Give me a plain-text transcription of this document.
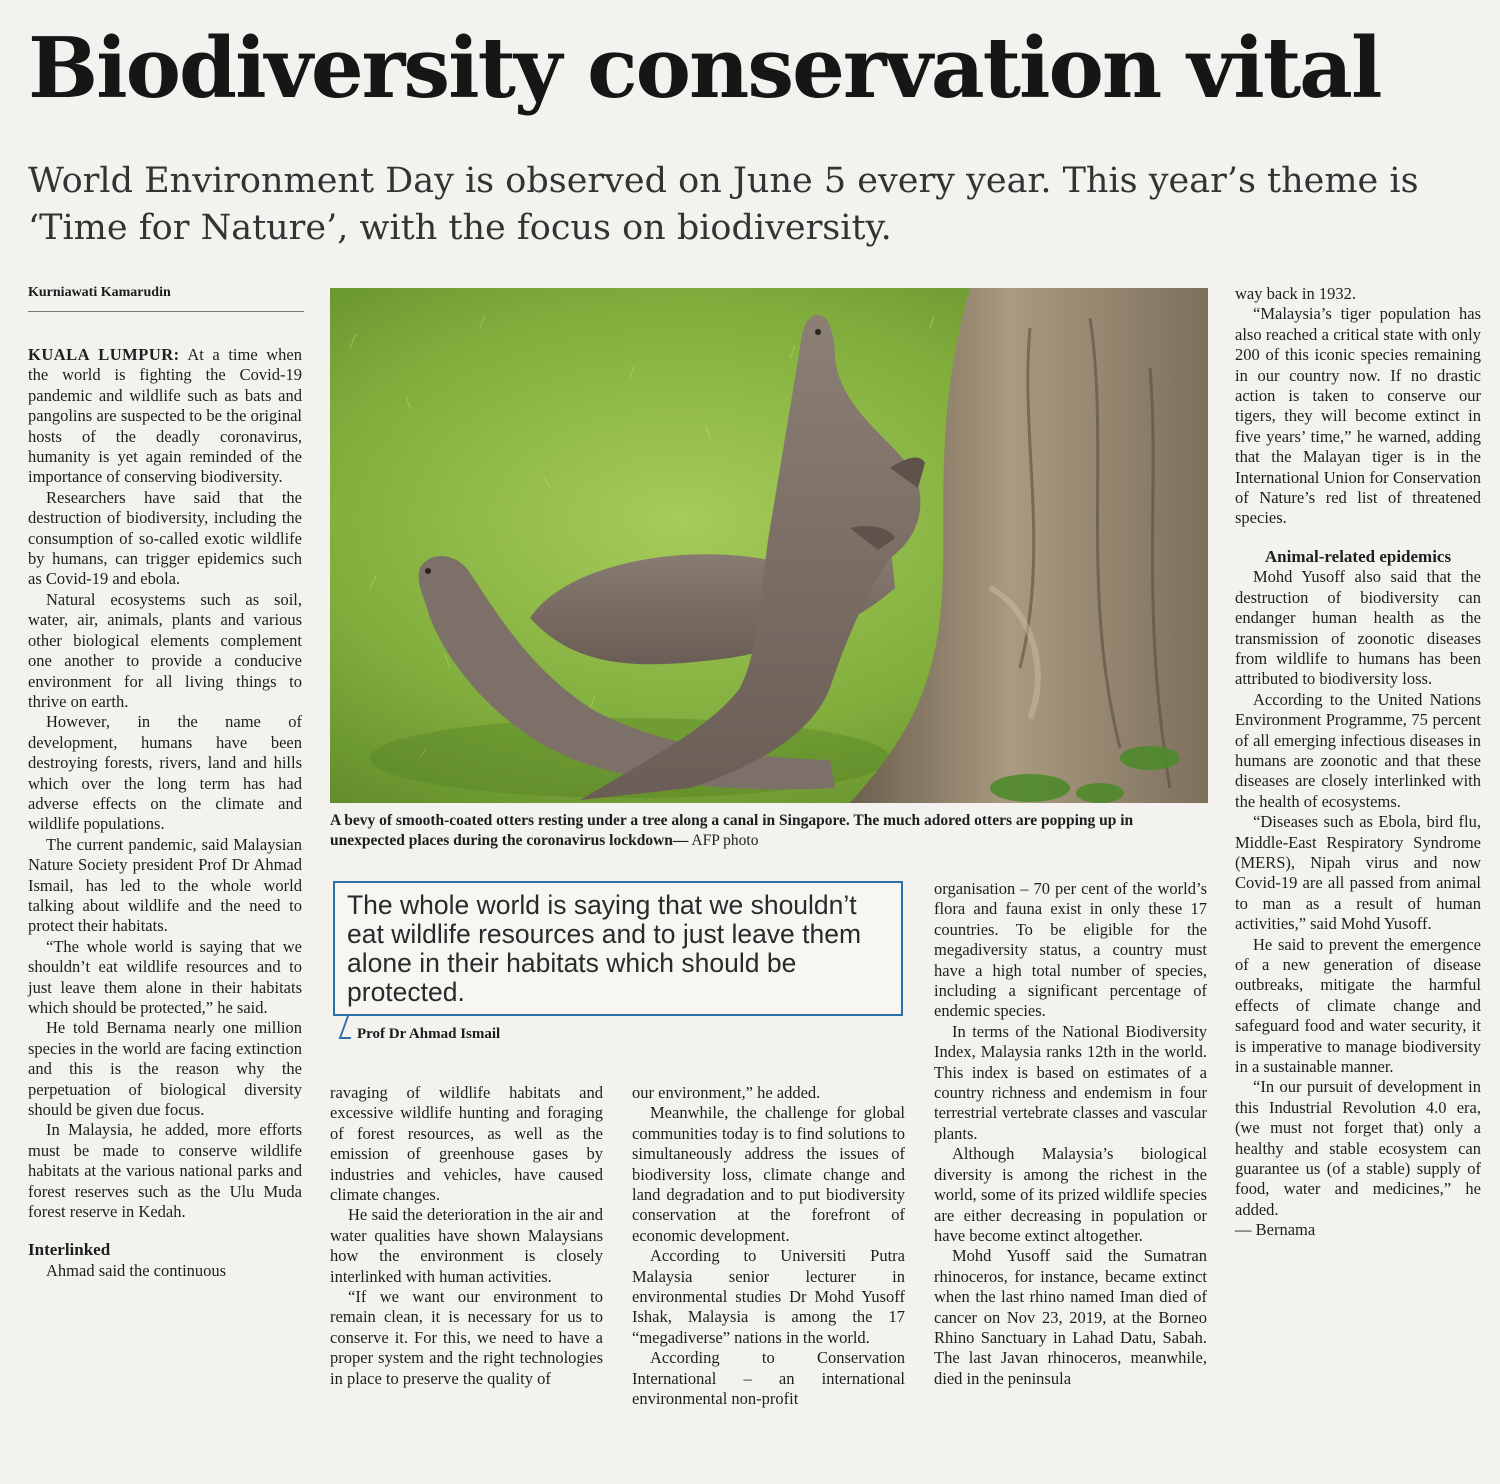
Biodiversity conservation vital

World Environment Day is observed on June 5 every year. This year’s theme is ‘Time for Nature’, with the focus on biodiversity.

Kurniawati Kamarudin

KUALA LUMPUR: At a time when the world is fighting the Covid-19 pandemic and wildlife such as bats and pangolins are suspected to be the original hosts of the deadly coronavirus, humanity is yet again reminded of the importance of conserving biodiversity.

Researchers have said that the destruction of biodiversity, including the consumption of so-called exotic wildlife by humans, can trigger epidemics such as Covid-19 and ebola.

Natural ecosystems such as soil, water, air, animals, plants and various other biological elements complement one another to provide a conducive environment for all living things to thrive on earth.

However, in the name of development, humans have been destroying forests, rivers, land and hills which over the long term has had adverse effects on the climate and wildlife populations.

The current pandemic, said Malaysian Nature Society president Prof Dr Ahmad Ismail, has led to the whole world talking about wildlife and the need to protect their habitats.

“The whole world is saying that we shouldn’t eat wildlife resources and to just leave them alone in their habitats which should be protected,” he said.

He told Bernama nearly one million species in the world are facing extinction and this is the reason why the perpetuation of biological diversity should be given due focus.

In Malaysia, he added, more efforts must be made to conserve wildlife habitats at the various national parks and forest reserves such as the Ulu Muda forest reserve in Kedah.

Interlinked

Ahmad said the continuous

A bevy of smooth-coated otters resting under a tree along a canal in Singapore. The much adored otters are popping up in unexpected places during the coronavirus lockdown— AFP photo
The whole world is saying that we shouldn’t eat wildlife resources and to just leave them alone in their habitats which should be protected.
Prof Dr Ahmad Ismail

ravaging of wildlife habitats and excessive wildlife hunting and foraging of forest resources, as well as the emission of greenhouse gases by industries and vehicles, have caused climate changes.

He said the deterioration in the air and water qualities have shown Malaysians how the environment is closely interlinked with human activities.

“If we want our environment to remain clean, it is necessary for us to conserve it. For this, we need to have a proper system and the right technologies in place to preserve the quality of

our environment,” he added.

Meanwhile, the challenge for global communities today is to find solutions to simultaneously address the issues of biodiversity loss, climate change and land degradation and to put biodiversity conservation at the forefront of economic development.

According to Universiti Putra Malaysia senior lecturer in environmental studies Dr Mohd Yusoff Ishak, Malaysia is among the 17 “megadiverse” nations in the world.

According to Conservation International – an international environmental non-profit

organisation – 70 per cent of the world’s flora and fauna exist in only these 17 countries. To be eligible for the megadiversity status, a country must have a high total number of species, including a significant percentage of endemic species.

In terms of the National Biodiversity Index, Malaysia ranks 12th in the world. This index is based on estimates of a country richness and endemism in four terrestrial vertebrate classes and vascular plants.

Although Malaysia’s biological diversity is among the richest in the world, some of its prized wildlife species are either decreasing in population or have become extinct altogether.

Mohd Yusoff said the Sumatran rhinoceros, for instance, became extinct when the last rhino named Iman died of cancer on Nov 23, 2019, at the Borneo Rhino Sanctuary in Lahad Datu, Sabah. The last Javan rhinoceros, meanwhile, died in the peninsula

way back in 1932.

“Malaysia’s tiger population has also reached a critical state with only 200 of this iconic species remaining in our country now. If no drastic action is taken to conserve our tigers, they will become extinct in five years’ time,” he warned, adding that the Malayan tiger is in the International Union for Conservation of Nature’s red list of threatened species.

Animal-related epidemics

Mohd Yusoff also said that the destruction of biodiversity can endanger human health as the transmission of zoonotic diseases from wildlife to humans has been attributed to biodiversity loss.

According to the United Nations Environment Programme, 75 percent of all emerging infectious diseases in humans are zoonotic and that these diseases are closely interlinked with the health of ecosystems.

“Diseases such as Ebola, bird flu, Middle-East Respiratory Syndrome (MERS), Nipah virus and now Covid-19 are all passed from animal to man as a result of human activities,” said Mohd Yusoff.

He said to prevent the emergence of a new generation of disease outbreaks, mitigate the harmful effects of climate change and safeguard food and water security, it is imperative to manage biodiversity in a sustainable manner.

“In our pursuit of development in this Industrial Revolution 4.0 era, (we must not forget that) only a healthy and stable ecosystem can guarantee us (of a stable) supply of food, water and medicines,” he added.

— Bernama
